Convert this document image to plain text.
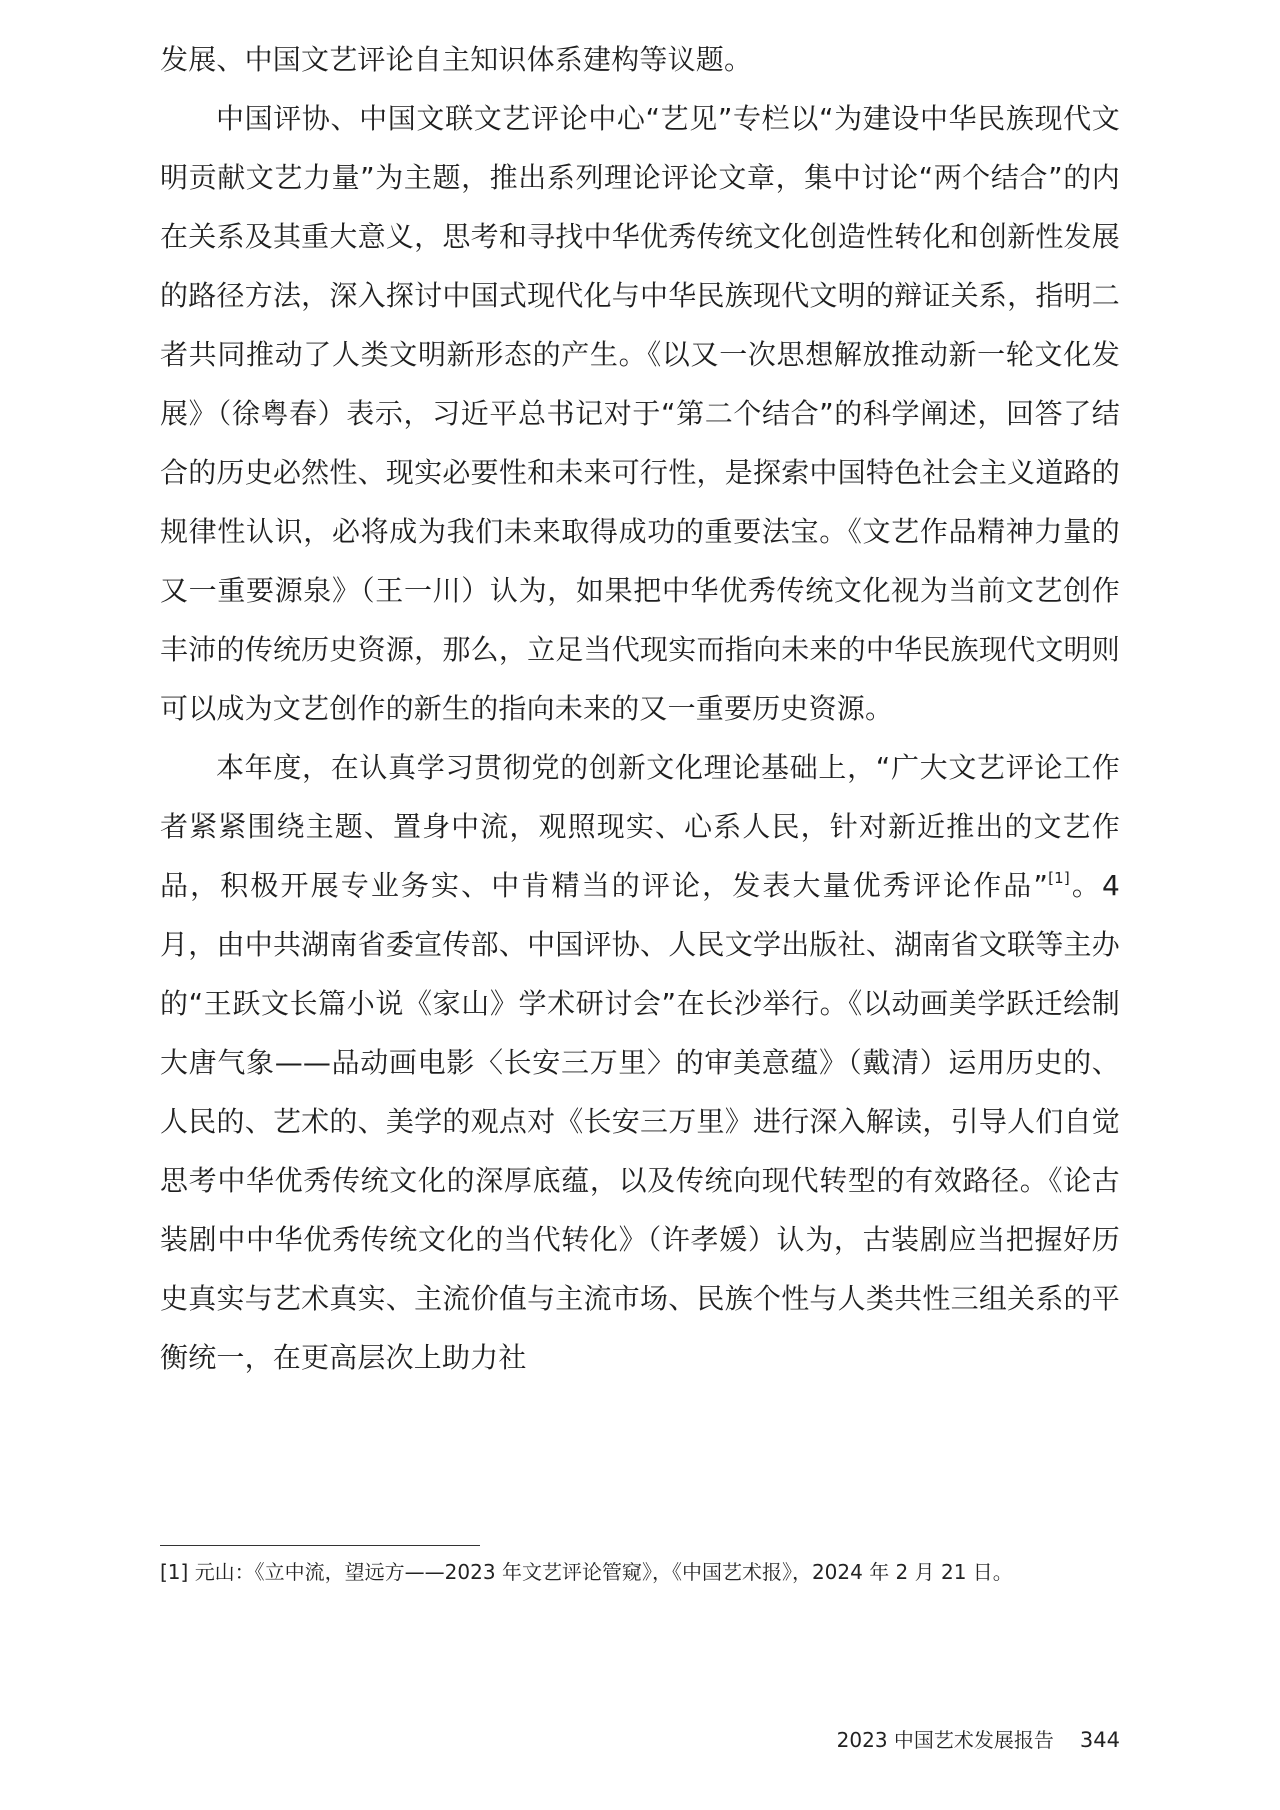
发展、中国文艺评论自主知识体系建构等议题。

中国评协、中国文联文艺评论中心“艺见”专栏以“为建设中华民族现代文明贡献文艺力量”为主题，推出系列理论评论文章，集中讨论“两个结合”的内在关系及其重大意义，思考和寻找中华优秀传统文化创造性转化和创新性发展的路径方法，深入探讨中国式现代化与中华民族现代文明的辩证关系，指明二者共同推动了人类文明新形态的产生。《以又一次思想解放推动新一轮文化发展》（徐粤春）表示，习近平总书记对于“第二个结合”的科学阐述，回答了结合的历史必然性、现实必要性和未来可行性，是探索中国特色社会主义道路的规律性认识，必将成为我们未来取得成功的重要法宝。《文艺作品精神力量的又一重要源泉》（王一川）认为，如果把中华优秀传统文化视为当前文艺创作丰沛的传统历史资源，那么，立足当代现实而指向未来的中华民族现代文明则可以成为文艺创作的新生的指向未来的又一重要历史资源。

本年度，在认真学习贯彻党的创新文化理论基础上，“广大文艺评论工作者紧紧围绕主题、置身中流，观照现实、心系人民，针对新近推出的文艺作品，积极开展专业务实、中肯精当的评论，发表大量优秀评论作品”[1]。4 月，由中共湖南省委宣传部、中国评协、人民文学出版社、湖南省文联等主办的“王跃文长篇小说《家山》学术研讨会”在长沙举行。《以动画美学跃迁绘制大唐气象——品动画电影〈长安三万里〉的审美意蕴》（戴清）运用历史的、人民的、艺术的、美学的观点对《长安三万里》进行深入解读，引导人们自觉思考中华优秀传统文化的深厚底蕴，以及传统向现代转型的有效路径。《论古装剧中中华优秀传统文化的当代转化》（许孝媛）认为，古装剧应当把握好历史真实与艺术真实、主流价值与主流市场、民族个性与人类共性三组关系的平衡统一，在更高层次上助力社

[1] 元山：《立中流，望远方——2023 年文艺评论管窥》，《中国艺术报》，2024 年 2 月 21 日。
2023 中国艺术发展报告 344
